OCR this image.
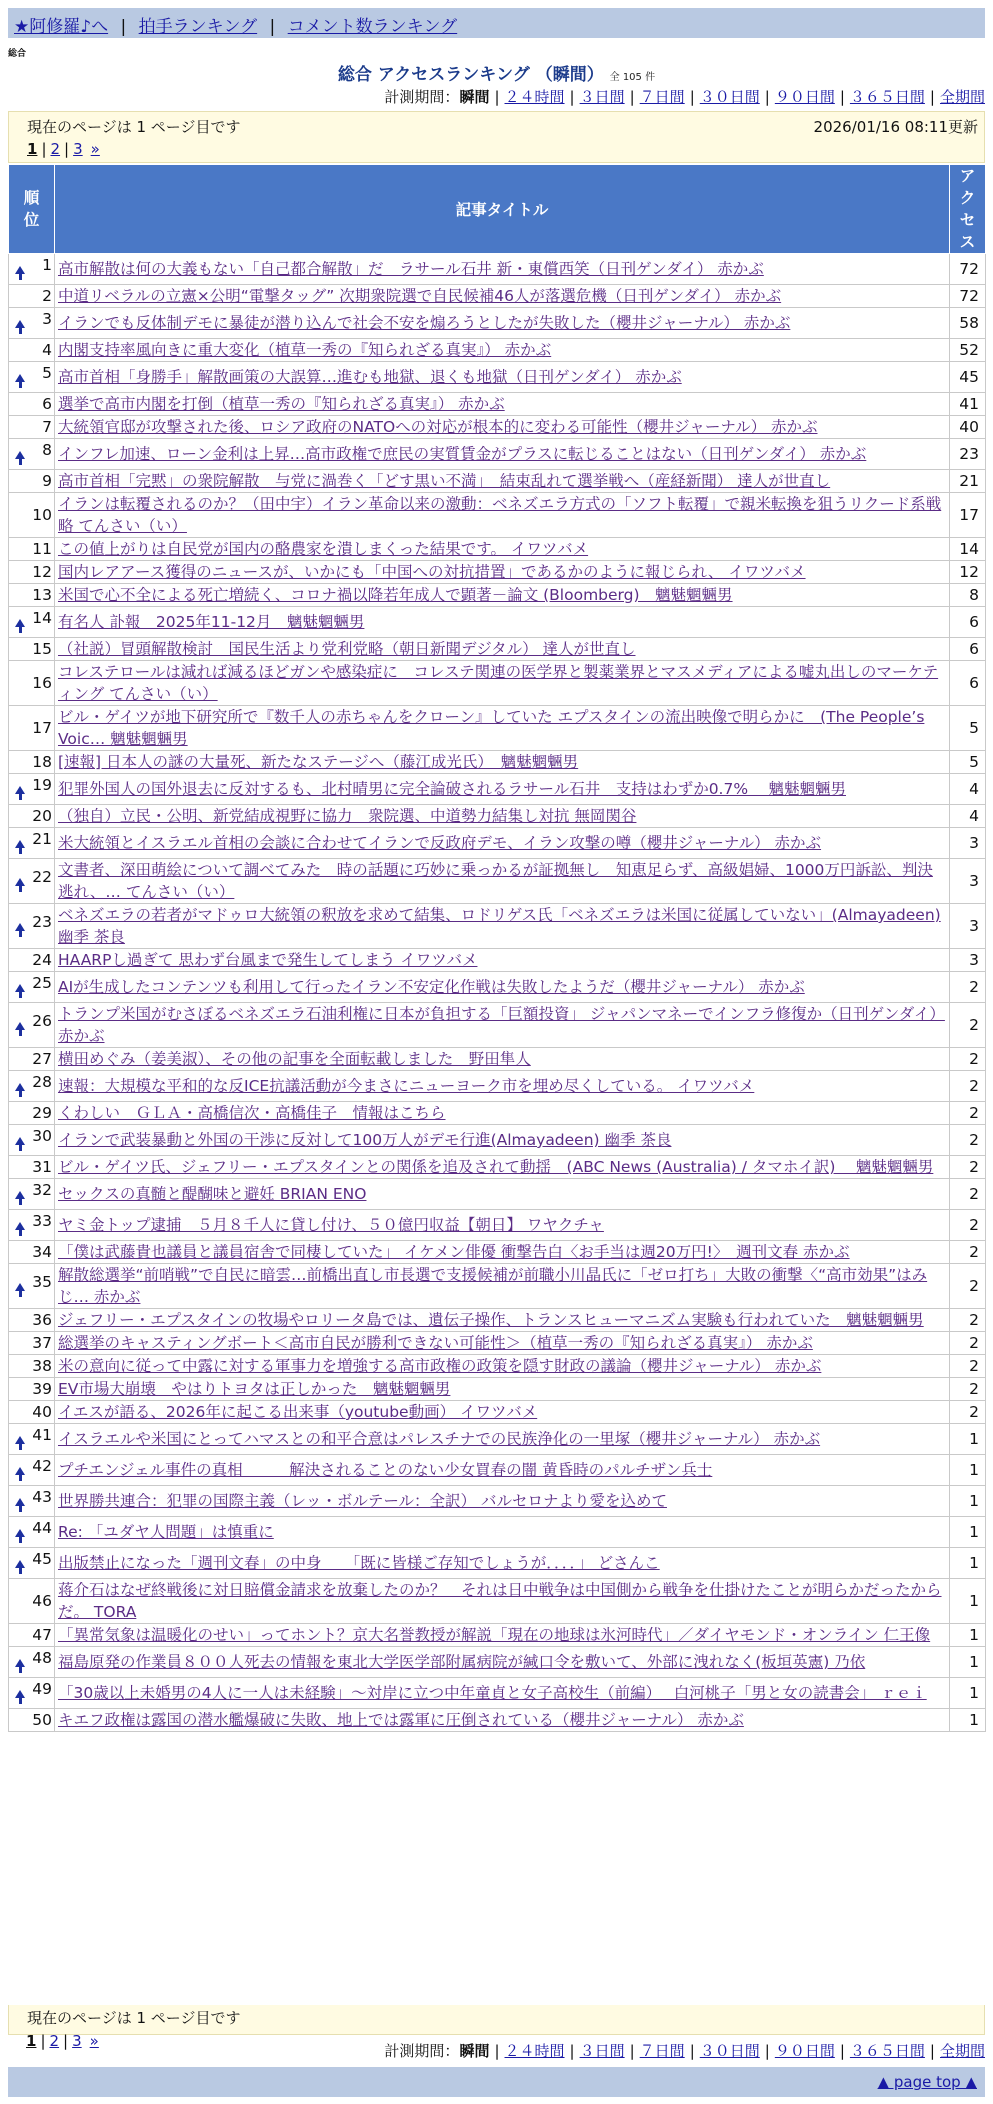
★阿修羅♪へ | 拍手ランキング | コメント数ランキング
総合
総合 アクセスランキング （瞬間） 全 105 件
計測期間：瞬間 | ２４時間 | ３日間 | ７日間 | ３０日間 | ９０日間 | ３６５日間 | 全期間
現在のページは 1 ページ目です	2026/01/16 08:11更新
1 | 2 | 3 »
順位	記事タイトル	アクセス

1	高市解散は何の大義もない「自己都合解散」だ　ラサール石井 新・東償西笑（日刊ゲンダイ） 赤かぶ	72
2	中道リベラルの立憲×公明“電撃タッグ” 次期衆院選で自民候補46人が落選危機（日刊ゲンダイ） 赤かぶ	72

3	イランでも反体制デモに暴徒が潜り込んで社会不安を煽ろうとしたが失敗した（櫻井ジャーナル） 赤かぶ	58
4	内閣支持率風向きに重大変化（植草一秀の『知られざる真実』） 赤かぶ	52

5	高市首相「身勝手」解散画策の大誤算…進むも地獄、退くも地獄（日刊ゲンダイ） 赤かぶ	45
6	選挙で高市内閣を打倒（植草一秀の『知られざる真実』） 赤かぶ	41
7	大統領官邸が攻撃された後、ロシア政府のNATOへの対応が根本的に変わる可能性（櫻井ジャーナル） 赤かぶ	40

8	インフレ加速、ローン金利は上昇…高市政権で庶民の実質賃金がプラスに転じることはない（日刊ゲンダイ） 赤かぶ	23
9	高市首相「完黙」の衆院解散　与党に渦巻く「どす黒い不満」　結束乱れて選挙戦へ（産経新聞） 達人が世直し	21
10	イランは転覆されるのか？（田中宇）イラン革命以来の激動：ベネズエラ方式の「ソフト転覆」で親米転換を狙うリクード系戦略 てんさい（い）	17
11	この値上がりは自民党が国内の酪農家を潰しまくった結果です。 イワツバメ	14
12	国内レアアース獲得のニュースが、いかにも「中国への対抗措置」であるかのように報じられ、 イワツバメ	12
13	米国で心不全による死亡増続く、コロナ禍以降若年成人で顕著－論文 (Bloomberg)　魑魅魍魎男	8

14	有名人 訃報　2025年11-12月　魑魅魍魎男	6
15	（社説）冒頭解散検討　国民生活より党利党略（朝日新聞デジタル） 達人が世直し	6
16	コレステロールは減れば減るほどガンや感染症に　コレステ関連の医学界と製薬業界とマスメディアによる嘘丸出しのマーケティング てんさい（い）	6
17	ビル・ゲイツが地下研究所で『数千人の赤ちゃんをクローン』していた エプスタインの流出映像で明らかに　(The People’s Voic… 魑魅魍魎男	5
18	[速報] 日本人の謎の大量死、新たなステージへ（藤江成光氏）　魑魅魍魎男	5

19	犯罪外国人の国外退去に反対するも、北村晴男に完全論破されるラサール石井　支持はわずか0.7%　 魑魅魍魎男	4
20	（独自）立民・公明、新党結成視野に協力　衆院選、中道勢力結集し対抗 無岡関谷	4

21	米大統領とイスラエル首相の会談に合わせてイランで反政府デモ、イラン攻撃の噂（櫻井ジャーナル） 赤かぶ	3

22	文書者、深田萌絵について調べてみた　時の話題に巧妙に乗っかるが証拠無し　知恵足らず、高級娼婦、1000万円訴訟、判決逃れ、… てんさい（い）	3

23	ベネズエラの若者がマドゥロ大統領の釈放を求めて結集、ロドリゲス氏「ベネズエラは米国に従属していない」(Almayadeen) 幽季 茶良	3
24	HAARPし過ぎて 思わず台風まで発生してしまう イワツバメ	3

25	AIが生成したコンテンツも利用して行ったイラン不安定化作戦は失敗したようだ（櫻井ジャーナル） 赤かぶ	2

26	トランプ米国がむさぼるベネズエラ石油利権に日本が負担する「巨額投資」 ジャパンマネーでインフラ修復か（日刊ゲンダイ） 赤かぶ	2
27	横田めぐみ（姜美淑）、その他の記事を全面転載しました　野田隼人	2

28	速報：大規模な平和的な反ICE抗議活動が今まさにニューヨーク市を埋め尽くしている。 イワツバメ	2
29	くわしい　ＧＬＡ・高橋信次・高橋佳子　情報はこちら	2

30	イランで武装暴動と外国の干渉に反対して100万人がデモ行進(Almayadeen) 幽季 茶良	2
31	ビル・ゲイツ氏、ジェフリー・エプスタインとの関係を追及されて動揺　(ABC News (Australia) / タマホイ訳)　 魑魅魍魎男	2

32	セックスの真髄と醍醐味と避妊 BRIAN ENO	2

33	ヤミ金トップ逮捕　５月８千人に貸し付け、５０億円収益【朝日】 ワヤクチャ	2
34	「僕は武藤貴也議員と議員宿舎で同棲していた」 イケメン俳優 衝撃告白〈お手当は週20万円!〉　週刊文春 赤かぶ	2

35	解散総選挙“前哨戦”で自民に暗雲…前橋出直し市長選で支援候補が前職小川晶氏に「ゼロ打ち」大敗の衝撃〈“高市効果”はみじ… 赤かぶ	2
36	ジェフリー・エプスタインの牧場やロリータ島では、遺伝子操作、トランスヒューマニズム実験も行われていた　魑魅魍魎男	2
37	総選挙のキャスティングボート＜高市自民が勝利できない可能性＞（植草一秀の『知られざる真実』） 赤かぶ	2
38	米の意向に従って中露に対する軍事力を増強する高市政権の政策を隠す財政の議論（櫻井ジャーナル） 赤かぶ	2
39	EV市場大崩壊　やはりトヨタは正しかった　魑魅魍魎男	2
40	イエスが語る、2026年に起こる出来事（youtube動画） イワツバメ	2

41	イスラエルや米国にとってハマスとの和平合意はパレスチナでの民族浄化の一里塚（櫻井ジャーナル） 赤かぶ	1

42	プチエンジェル事件の真相　　　解決されることのない少女買春の闇 黄昏時のパルチザン兵士	1

43	世界勝共連合：犯罪の国際主義（レッ・ボルテール：全訳） バルセロナより愛を込めて	1

44	Re: 「ユダヤ人問題」は慎重に	1

45	出版禁止になった「週刊文春」の中身　　「既に皆様ご存知でしょうが．．．．」 どさんこ	1
46	蒋介石はなぜ終戦後に対日賠償金請求を放棄したのか？　それは日中戦争は中国側から戦争を仕掛けたことが明らかだったからだ。 TORA	1
47	「異常気象は温暖化のせい」ってホント？京大名誉教授が解説「現在の地球は氷河時代」／ダイヤモンド・オンライン 仁王像	1

48	福島原発の作業員８００人死去の情報を東北大学医学部附属病院が緘口令を敷いて、外部に洩れなく(板垣英憲) 乃依	1

49	「30歳以上未婚男の4人に一人は未経験」～対岸に立つ中年童貞と女子高校生（前編）　 白河桃子「男と女の読書会」 ｒｅｉ	1
50	キエフ政権は露国の潜水艦爆破に失敗、地上では露軍に圧倒されている（櫻井ジャーナル） 赤かぶ	1
現在のページは 1 ページ目です
1 | 2 | 3 »
計測期間：瞬間 | ２４時間 | ３日間 | ７日間 | ３０日間 | ９０日間 | ３６５日間 | 全期間
▲ page top ▲
